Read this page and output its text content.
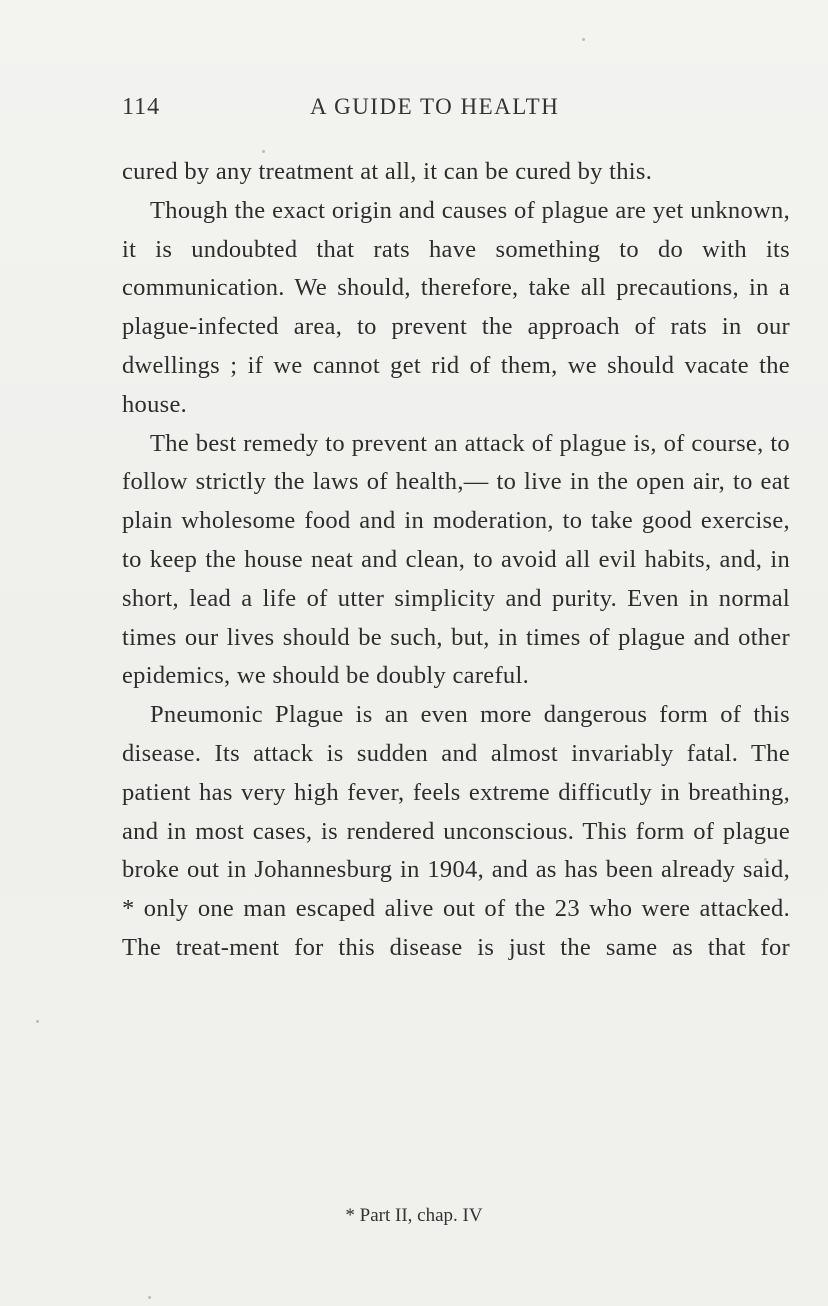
114	A GUIDE TO HEALTH

cured by any treatment at all, it can be cured by this.

Though the exact origin and causes of plague are yet unknown, it is undoubted that rats have something to do with its communication. We should, therefore, take all precautions, in a plague-infected area, to prevent the approach of rats in our dwellings ; if we cannot get rid of them, we should vacate the house.

The best remedy to prevent an attack of plague is, of course, to follow strictly the laws of health,— to live in the open air, to eat plain wholesome food and in moderation, to take good exercise, to keep the house neat and clean, to avoid all evil habits, and, in short, lead a life of utter simplicity and purity. Even in normal times our lives should be such, but, in times of plague and other epidemics, we should be doubly careful.

Pneumonic Plague is an even more dangerous form of this disease. Its attack is sudden and almost invariably fatal. The patient has very high fever, feels extreme difficutly in breathing, and in most cases, is rendered unconscious. This form of plague broke out in Johannesburg in 1904, and as has been already said, * only one man escaped alive out of the 23 who were attacked. The treat-ment for this disease is just the same as that for

* Part II, chap. IV
